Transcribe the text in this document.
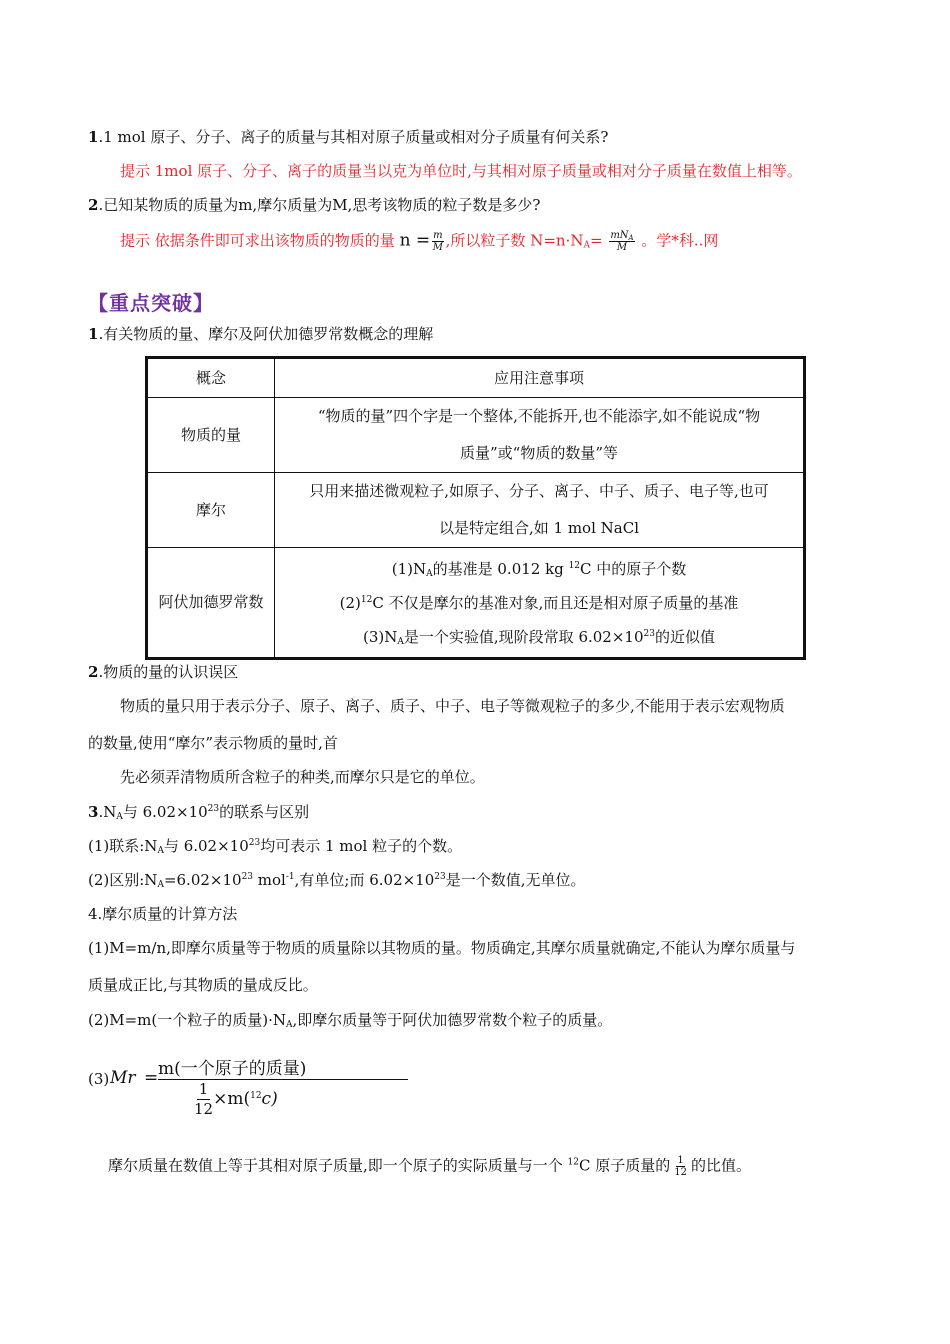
1.1 mol 原子、分子、离子的质量与其相对原子质量或相对分子质量有何关系?
提示 1mol 原子、分子、离子的质量当以克为单位时,与其相对原子质量或相对分子质量在数值上相等。
2.已知某物质的质量为m,摩尔质量为M,思考该物质的粒子数是多少?
提示 依据条件即可求出该物质的物质的量 $n = \frac{m}{M}$ ,所以粒子数 $N=n\cdot N_A= \frac{mN_A}{M}$ 。学*科..网
【重点突破】
1.有关物质的量、摩尔及阿伏加德罗常数概念的理解
概念	应用注意事项
物质的量	“物质的量”四个字是一个整体,不能拆开,也不能添字,如不能说成“物
质量”或“物质的数量”等

摩尔	只用来描述微观粒子,如原子、分子、离子、中子、质子、电子等,也可
以是特定组合,如 1 mol NaCl

阿伏加德罗常数	$(1)N_A$的基准是 0.012 kg $^{12}$C 中的原子个数
$(2)^{12}C$ 不仅是摩尔的基准对象,而且还是相对原子质量的基准
$(3)N_A$是一个实验值,现阶段常取 $6.02\times 10^{23}$的近似值
2.物质的量的认识误区
物质的量只用于表示分子、原子、离子、质子、中子、电子等微观粒子的多少,不能用于表示宏观物质
的数量,使用“摩尔”表示物质的量时,首
先必须弄清物质所含粒子的种类,而摩尔只是它的单位。
$3.N_A$与 $6.02\times 10^{23}$的联系与区别
(1)联系$:N_A$与 $6.02\times 10^{23}$均可表示 1 mol 粒子的个数。
(2)区别$:N_A=6.02\times 10^{23}$ mol$^{-1}$,有单位;而 $6.02\times 10^{23}$是一个数值,无单位。
4.摩尔质量的计算方法
(1)M=m/n,即摩尔质量等于物质的质量除以其物质的量。物质确定,其摩尔质量就确定,不能认为摩尔质量与
质量成正比,与其物质的量成反比。
(2)M=m(一个粒子的质量)$\cdot N_A$,即摩尔质量等于阿伏加德罗常数个粒子的质量。
(3) Mr = m(一个原子的质量)
$\frac{1}{12} \times m(^{12}c)$
摩尔质量在数值上等于其相对原子质量,即一个原子的实际质量与一个 $^{12}$C 原子质量的 $\frac{1}{12}$ 的比值。
